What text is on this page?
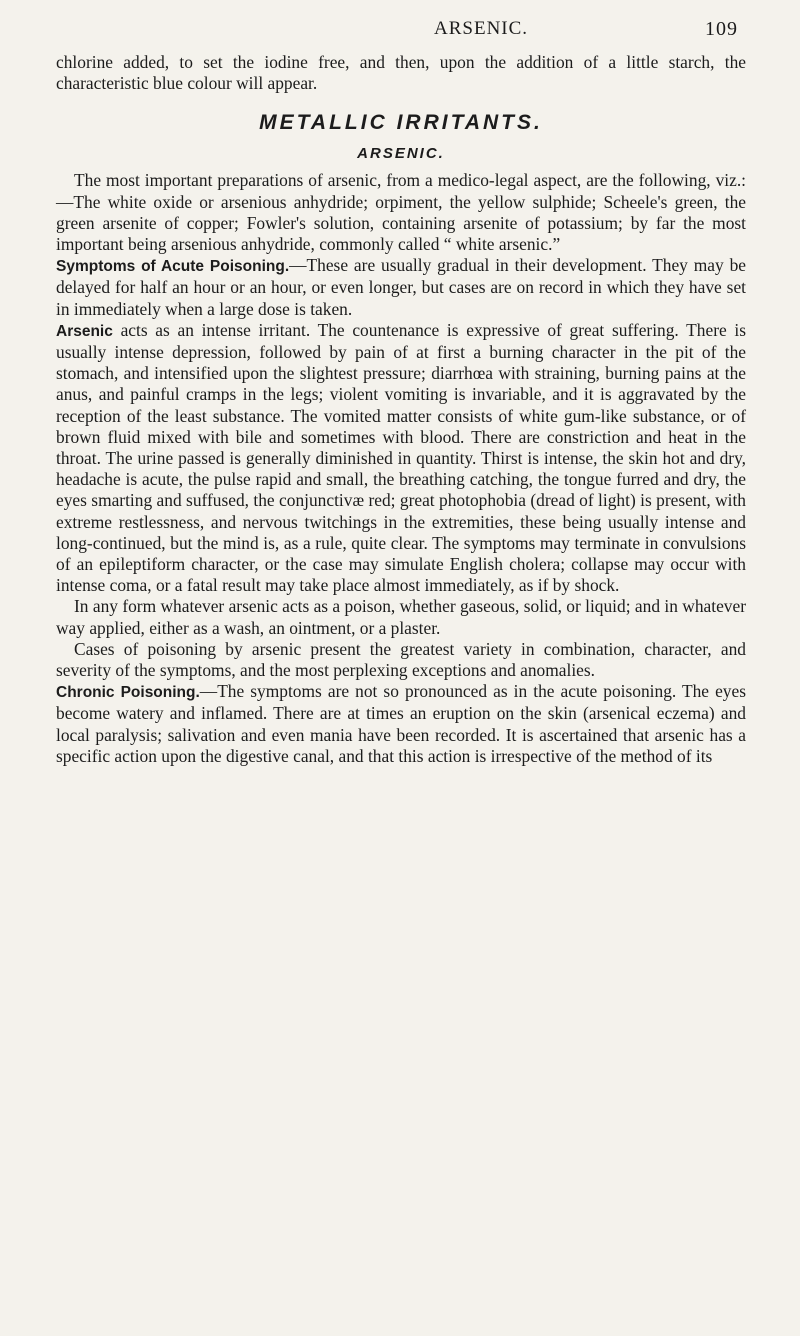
ARSENIC.	109

chlorine added, to set the iodine free, and then, upon the addition of a little starch, the characteristic blue colour will appear.

METALLIC IRRITANTS.
ARSENIC.

The most important preparations of arsenic, from a medico-legal aspect, are the following, viz.:—The white oxide or arsenious anhydride; orpiment, the yellow sulphide; Scheele's green, the green arsenite of copper; Fowler's solution, containing arsenite of potassium; by far the most important being arsenious anhydride, commonly called “ white arsenic.”

Symptoms of Acute Poisoning.—These are usually gradual in their development. They may be delayed for half an hour or an hour, or even longer, but cases are on record in which they have set in immediately when a large dose is taken.

Arsenic acts as an intense irritant. The countenance is expressive of great suffering. There is usually intense depression, followed by pain of at first a burning character in the pit of the stomach, and intensified upon the slightest pressure; diarrhœa with straining, burning pains at the anus, and painful cramps in the legs; violent vomiting is invariable, and it is aggravated by the reception of the least substance. The vomited matter consists of white gum-like substance, or of brown fluid mixed with bile and sometimes with blood. There are constriction and heat in the throat. The urine passed is generally diminished in quantity. Thirst is intense, the skin hot and dry, headache is acute, the pulse rapid and small, the breathing catching, the tongue furred and dry, the eyes smarting and suffused, the conjunctivæ red; great photophobia (dread of light) is present, with extreme restlessness, and nervous twitchings in the extremities, these being usually intense and long-continued, but the mind is, as a rule, quite clear. The symptoms may terminate in convulsions of an epileptiform character, or the case may simulate English cholera; collapse may occur with intense coma, or a fatal result may take place almost immediately, as if by shock.

In any form whatever arsenic acts as a poison, whether gaseous, solid, or liquid; and in whatever way applied, either as a wash, an ointment, or a plaster.

Cases of poisoning by arsenic present the greatest variety in combination, character, and severity of the symptoms, and the most perplexing exceptions and anomalies.

Chronic Poisoning.—The symptoms are not so pronounced as in the acute poisoning. The eyes become watery and inflamed. There are at times an eruption on the skin (arsenical eczema) and local paralysis; salivation and even mania have been recorded. It is ascertained that arsenic has a specific action upon the digestive canal, and that this action is irrespective of the method of its
